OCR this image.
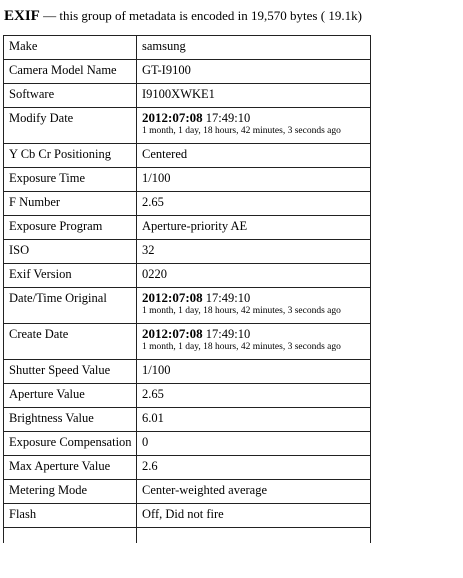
EXIF — this group of metadata is encoded in 19,570 bytes ( 19.1k)
Make	samsung
Camera Model Name	GT-I9100
Software	I9100XWKE1
Modify Date	2012:07:08 17:49:10
1 month, 1 day, 18 hours, 42 minutes, 3 seconds ago

Y Cb Cr Positioning	Centered
Exposure Time	1/100
F Number	2.65
Exposure Program	Aperture-priority AE
ISO	32
Exif Version	0220
Date/Time Original	2012:07:08 17:49:10
1 month, 1 day, 18 hours, 42 minutes, 3 seconds ago

Create Date	2012:07:08 17:49:10
1 month, 1 day, 18 hours, 42 minutes, 3 seconds ago

Shutter Speed Value	1/100
Aperture Value	2.65
Brightness Value	6.01
Exposure Compensation	0
Max Aperture Value	2.6
Metering Mode	Center-weighted average
Flash	Off, Did not fire
